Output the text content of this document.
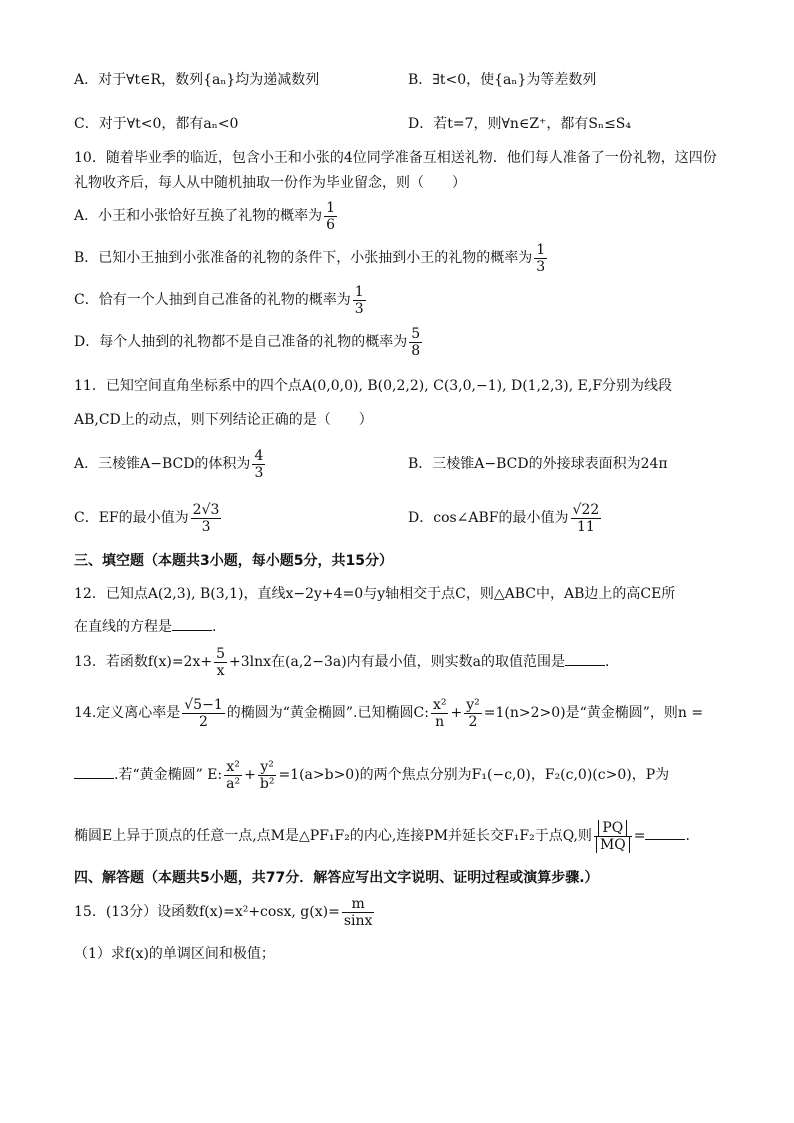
A．对于∀t∈R，数列{aₙ}均为递减数列	B．∃t<0，使{aₙ}为等差数列
C．对于∀t<0，都有aₙ<0	D．若t=7，则∀n∈Z⁺，都有Sₙ≤S₄
10．随着毕业季的临近，包含小王和小张的4位同学准备互相送礼物．他们每人准备了一份礼物，这四份
礼物收齐后，每人从中随机抽取一份作为毕业留念，则（　　）
A．小王和小张恰好互换了礼物的概率为 $\frac{1}{6}$
B．已知小王抽到小张准备的礼物的条件下，小张抽到小王的礼物的概率为 $\frac{1}{3}$
C．恰有一个人抽到自己准备的礼物的概率为 $\frac{1}{3}$
D．每个人抽到的礼物都不是自己准备的礼物的概率为 $\frac{5}{8}$
11．已知空间直角坐标系中的四个点A(0,0,0), B(0,2,2), C(3,0,−1), D(1,2,3), E,F分别为线段
AB,CD上的动点，则下列结论正确的是（　　）
A．三棱锥A−BCD的体积为 $\frac{4}{3}$	B．三棱锥A−BCD的外接球表面积为24π
C．EF的最小值为 $\frac{2√3}{3}$	D．cos∠ABF的最小值为 $\frac{√22}{11}$
三、填空题（本题共3小题，每小题5分，共15分）
12．已知点A(2,3), B(3,1)，直线x−2y+4=0与y轴相交于点C，则△ABC中，AB边上的高CE所
在直线的方程是	.
13．若函数$f(x)=2x+ \frac{5}{x} +3\ln x$在(a,2−3a)内有最小值，则实数a的取值范围是	.
14.定义离心率是 $\frac{√5-1}{2}$ 的椭圆为“黄金椭圆”.已知椭圆C: $\frac{\text{x²}}{n} + \frac{\text{y²}}{2} =1(n>2>0)$是“黄金椭圆”，则n =
.若“黄金椭圆” E: $\frac{\text{x²}}{\text{a²}} + \frac{\text{y²}}{\text{b²}} =1(a>b>0)$的两个焦点分别为F₁(−c,0)，F₂(c,0)(c>0)，P为
椭圆E上异于顶点的任意一点,点M是△PF₁F₂的内心,连接PM并延长交F₁F₂于点Q,则 $\frac{PQ}{MQ}$ =	.
四、解答题（本题共5小题，共77分．解答应写出文字说明、证明过程或演算步骤.）
15．(13分）设函数f(x)=x²+cosx, $g(x)= \frac{m}{\sin x}$
（1）求f(x)的单调区间和极值；
